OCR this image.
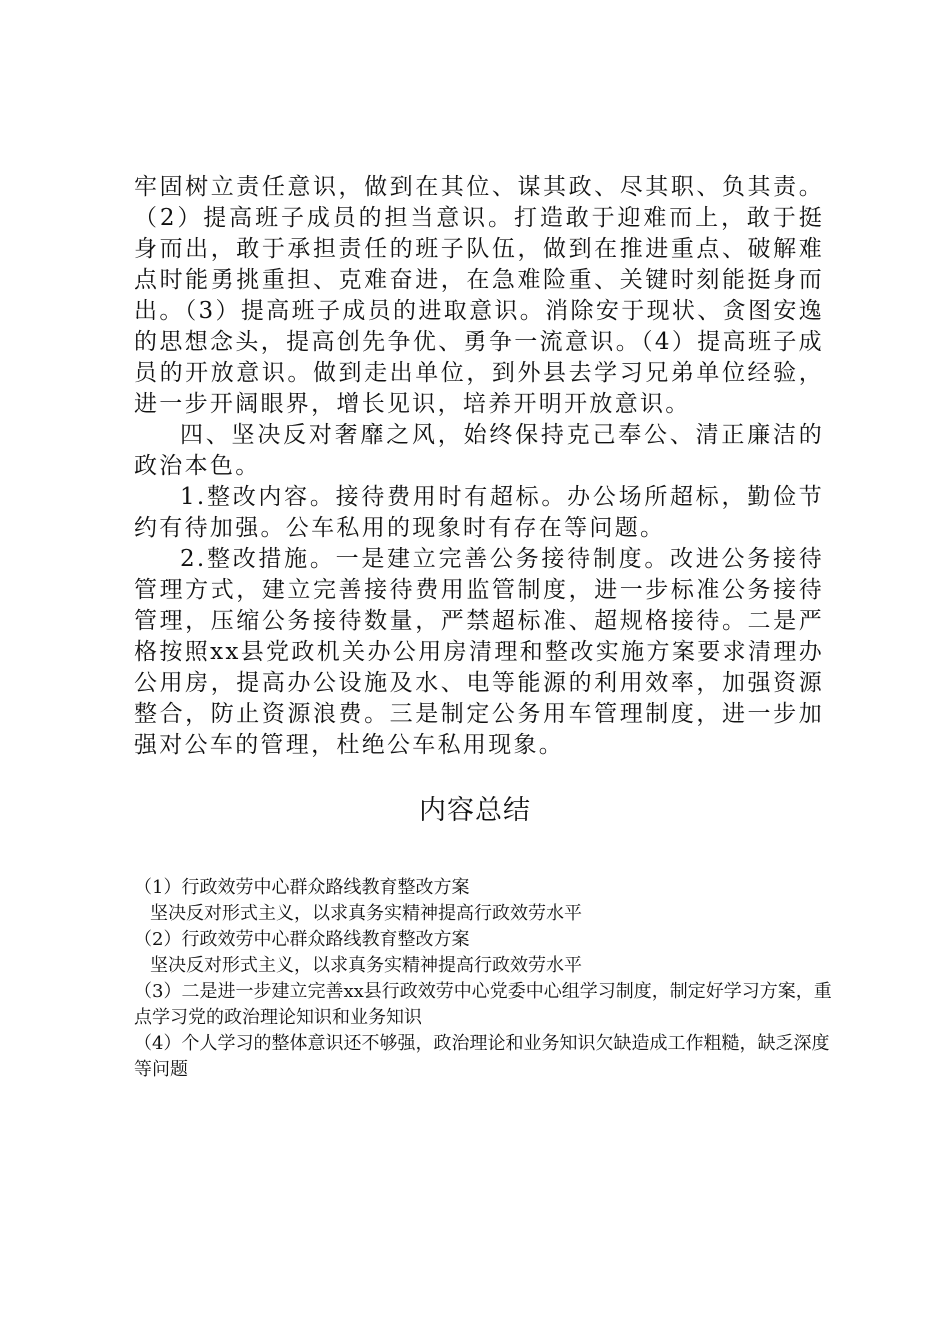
牢固树立责任意识，做到在其位、谋其政、尽其职、负其责。（2）提高班子成员的担当意识。打造敢于迎难而上，敢于挺身而出，敢于承担责任的班子队伍，做到在推进重点、破解难点时能勇挑重担、克难奋进，在急难险重、关键时刻能挺身而出。（3）提高班子成员的进取意识。消除安于现状、贪图安逸的思想念头，提高创先争优、勇争一流意识。（4）提高班子成员的开放意识。做到走出单位，到外县去学习兄弟单位经验，进一步开阔眼界，增长见识，培养开明开放意识。

四、坚决反对奢靡之风，始终保持克己奉公、清正廉洁的政治本色。

1.整改内容。接待费用时有超标。办公场所超标，勤俭节约有待加强。公车私用的现象时有存在等问题。

2.整改措施。一是建立完善公务接待制度。改进公务接待管理方式，建立完善接待费用监管制度，进一步标准公务接待管理，压缩公务接待数量，严禁超标准、超规格接待。二是严格按照xx县党政机关办公用房清理和整改实施方案要求清理办公用房，提高办公设施及水、电等能源的利用效率，加强资源整合，防止资源浪费。三是制定公务用车管理制度，进一步加强对公车的管理，杜绝公车私用现象。

内容总结

（1）行政效劳中心群众路线教育整改方案

坚决反对形式主义，以求真务实精神提高行政效劳水平

（2）行政效劳中心群众路线教育整改方案

坚决反对形式主义，以求真务实精神提高行政效劳水平

（3）二是进一步建立完善xx县行政效劳中心党委中心组学习制度，制定好学习方案，重点学习党的政治理论知识和业务知识

（4）个人学习的整体意识还不够强，政治理论和业务知识欠缺造成工作粗糙，缺乏深度等问题
